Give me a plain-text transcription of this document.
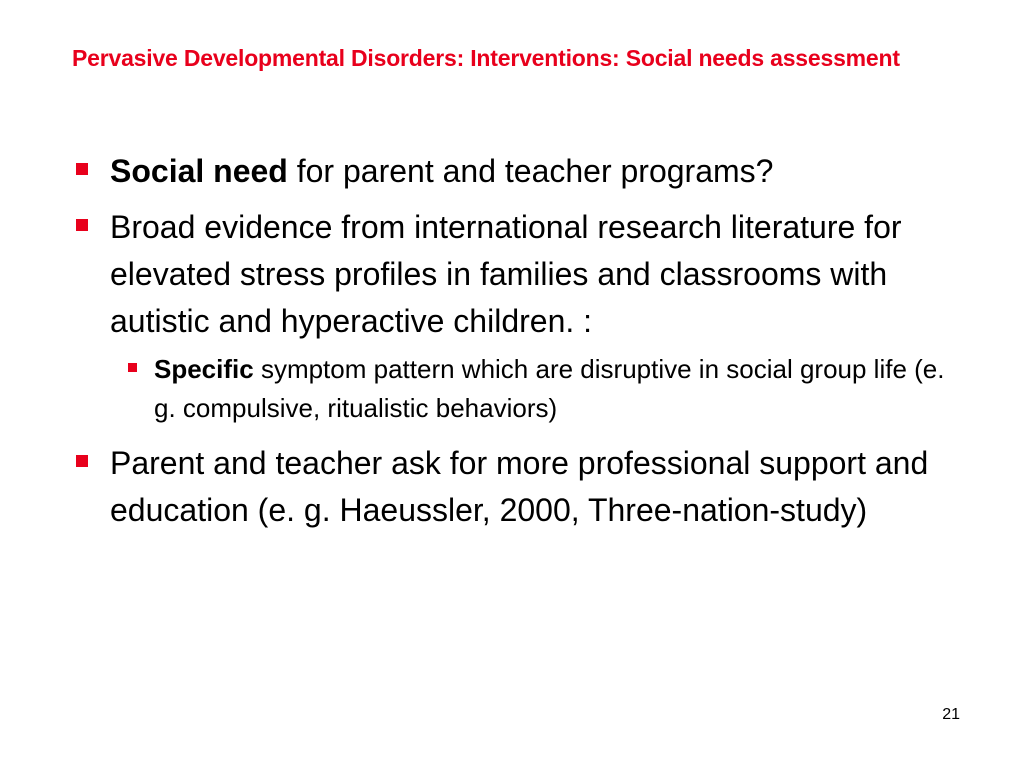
Pervasive Developmental Disorders: Interventions: Social needs assessment
Social need for parent and teacher programs?
Broad evidence from international research literature for elevated stress profiles in families and classrooms with autistic and hyperactive children. :
Specific symptom pattern which are disruptive in social group life (e. g. compulsive, ritualistic behaviors)
Parent and teacher ask for more professional support and education (e. g. Haeussler, 2000, Three-nation-study)
21
